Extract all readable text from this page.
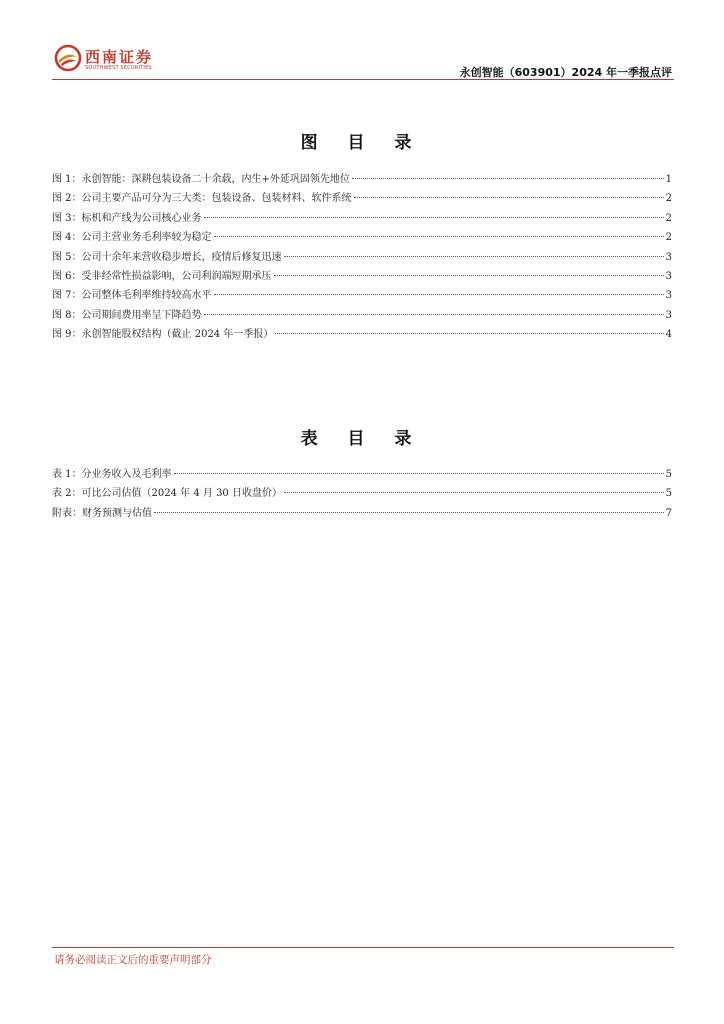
西南证券
SOUTHWEST SECURITIES	永创智能（603901）2024 年一季报点评
图 目 录
图 1：永创智能：深耕包装设备二十余载，内生+外延巩固领先地位	1
图 2：公司主要产品可分为三大类：包装设备、包装材料、软件系统	2
图 3：标机和产线为公司核心业务	2
图 4：公司主营业务毛利率较为稳定	2
图 5：公司十余年来营收稳步增长，疫情后修复迅速	3
图 6：受非经常性损益影响，公司利润端短期承压	3
图 7：公司整体毛利率维持较高水平	3
图 8：公司期间费用率呈下降趋势	3
图 9：永创智能股权结构（截止 2024 年一季报）	4
表 目 录
表 1：分业务收入及毛利率	5
表 2：可比公司估值（2024 年 4 月 30 日收盘价）	5
附表：财务预测与估值	7
请务必阅读正文后的重要声明部分
